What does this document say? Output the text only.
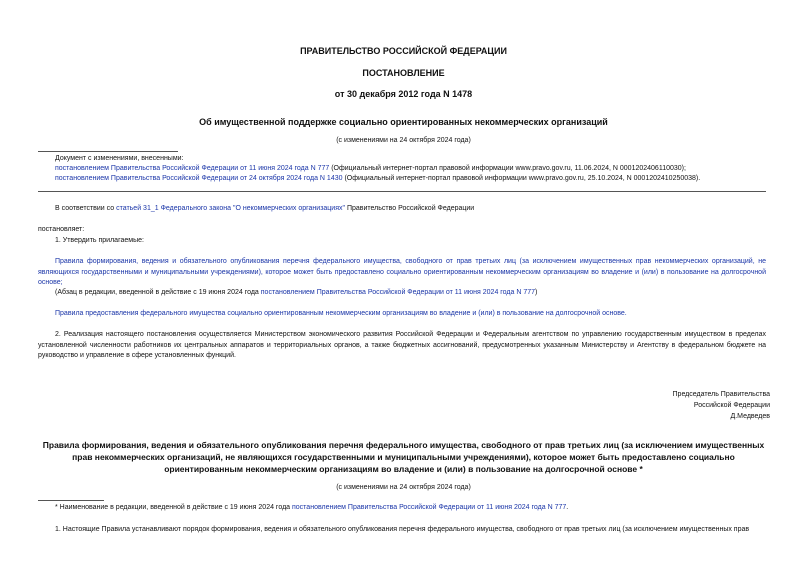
ПРАВИТЕЛЬСТВО РОССИЙСКОЙ ФЕДЕРАЦИИ
ПОСТАНОВЛЕНИЕ
от 30 декабря 2012 года N 1478
Об имущественной поддержке социально ориентированных некоммерческих организаций
(с изменениями на 24 октября 2024 года)
Документ с изменениями, внесенными:
постановлением Правительства Российской Федерации от 11 июня 2024 года N 777 (Официальный интернет-портал правовой информации www.pravo.gov.ru, 11.06.2024, N 0001202406110030);
постановлением Правительства Российской Федерации от 24 октября 2024 года N 1430 (Официальный интернет-портал правовой информации www.pravo.gov.ru, 25.10.2024, N 0001202410250038).
В соответствии со статьей 31_1 Федерального закона "О некоммерческих организациях" Правительство Российской Федерации
постановляет:
1. Утвердить прилагаемые:
Правила формирования, ведения и обязательного опубликования перечня федерального имущества, свободного от прав третьих лиц (за исключением имущественных прав некоммерческих организаций, не являющихся государственными и муниципальными учреждениями), которое может быть предоставлено социально ориентированным некоммерческим организациям во владение и (или) в пользование на долгосрочной основе;
(Абзац в редакции, введенной в действие с 19 июня 2024 года постановлением Правительства Российской Федерации от 11 июня 2024 года N 777)
Правила предоставления федерального имущества социально ориентированным некоммерческим организациям во владение и (или) в пользование на долгосрочной основе.
2. Реализация настоящего постановления осуществляется Министерством экономического развития Российской Федерации и Федеральным агентством по управлению государственным имуществом в пределах установленной численности работников их центральных аппаратов и территориальных органов, а также бюджетных ассигнований, предусмотренных указанным Министерству и Агентству в федеральном бюджете на руководство и управление в сфере установленных функций.
Председатель Правительства
Российской Федерации
Д.Медведев
Правила формирования, ведения и обязательного опубликования перечня федерального имущества, свободного от прав третьих лиц (за исключением имущественных прав некоммерческих организаций, не являющихся государственными и муниципальными учреждениями), которое может быть предоставлено социально ориентированным некоммерческим организациям во владение и (или) в пользование на долгосрочной основе *
(с изменениями на 24 октября 2024 года)
* Наименование в редакции, введенной в действие с 19 июня 2024 года постановлением Правительства Российской Федерации от 11 июня 2024 года N 777.
1. Настоящие Правила устанавливают порядок формирования, ведения и обязательного опубликования перечня федерального имущества, свободного от прав третьих лиц (за исключением имущественных прав
